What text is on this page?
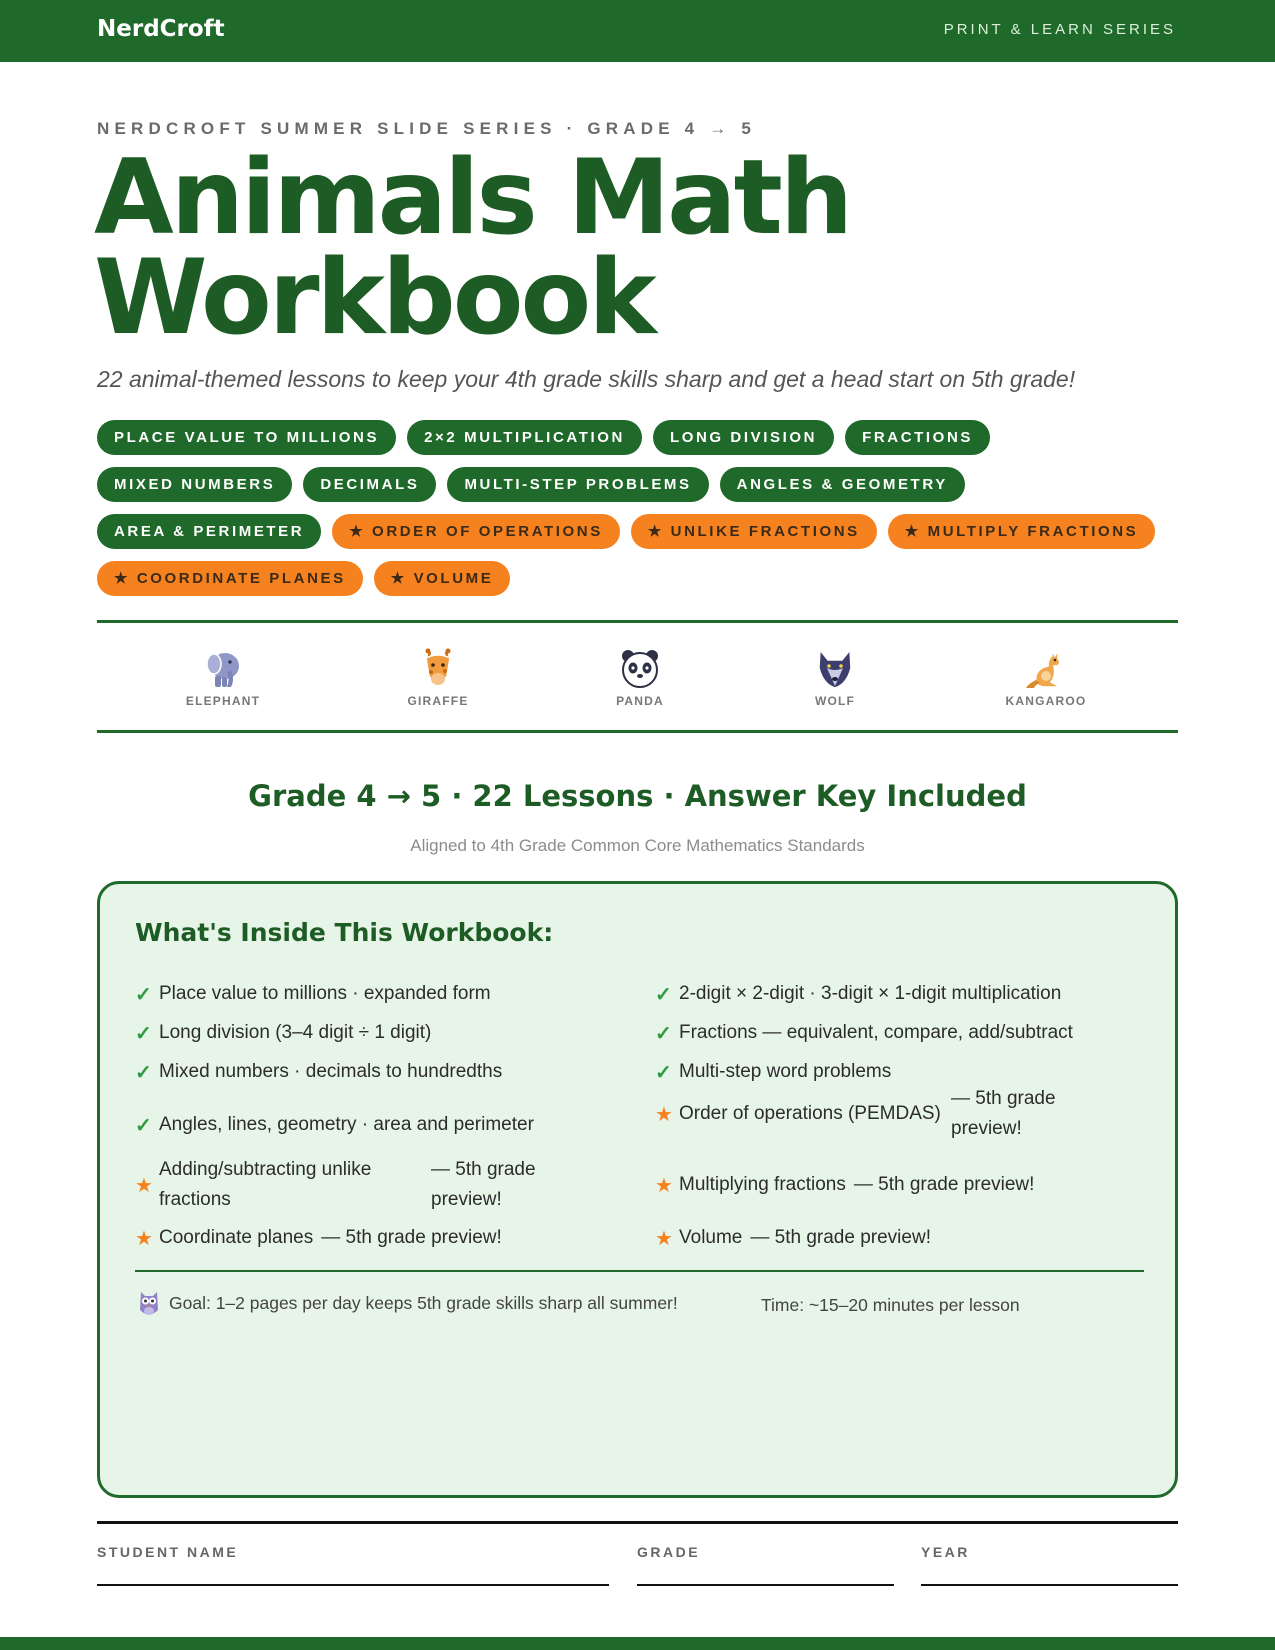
NerdCroft	PRINT & LEARN SERIES
NERDCROFT SUMMER SLIDE SERIES · GRADE 4 → 5
Animals Math
Workbook
22 animal-themed lessons to keep your 4th grade skills sharp and get a head start on 5th grade!
PLACE VALUE TO MILLIONS	2×2 MULTIPLICATION	LONG DIVISION	FRACTIONS
MIXED NUMBERS	DECIMALS	MULTI-STEP PROBLEMS	ANGLES & GEOMETRY
AREA & PERIMETER	★ ORDER OF OPERATIONS	★ UNLIKE FRACTIONS	★ MULTIPLY FRACTIONS
★ COORDINATE PLANES	★ VOLUME
ELEPHANT	GIRAFFE	PANDA	WOLF	KANGAROO
Grade 4 → 5 · 22 Lessons · Answer Key Included
Aligned to 4th Grade Common Core Mathematics Standards
What's Inside This Workbook:
✓ Place value to millions · expanded form	✓ 2-digit × 2-digit · 3-digit × 1-digit multiplication
✓ Long division (3–4 digit ÷ 1 digit)	✓ Fractions — equivalent, compare, add/subtract
✓ Mixed numbers · decimals to hundredths	✓ Multi-step word problems
✓ Angles, lines, geometry · area and perimeter	★ Order of operations (PEMDAS)
— 5th grade preview!
★
Adding/subtracting unlike fractions
— 5th grade preview!
★ Multiplying fractions — 5th grade preview!
★ Coordinate planes — 5th grade preview!	★ Volume — 5th grade preview!
Goal: 1–2 pages per day keeps 5th grade skills sharp all summer!	Time: ~15–20 minutes per lesson
STUDENT NAME	GRADE	YEAR
